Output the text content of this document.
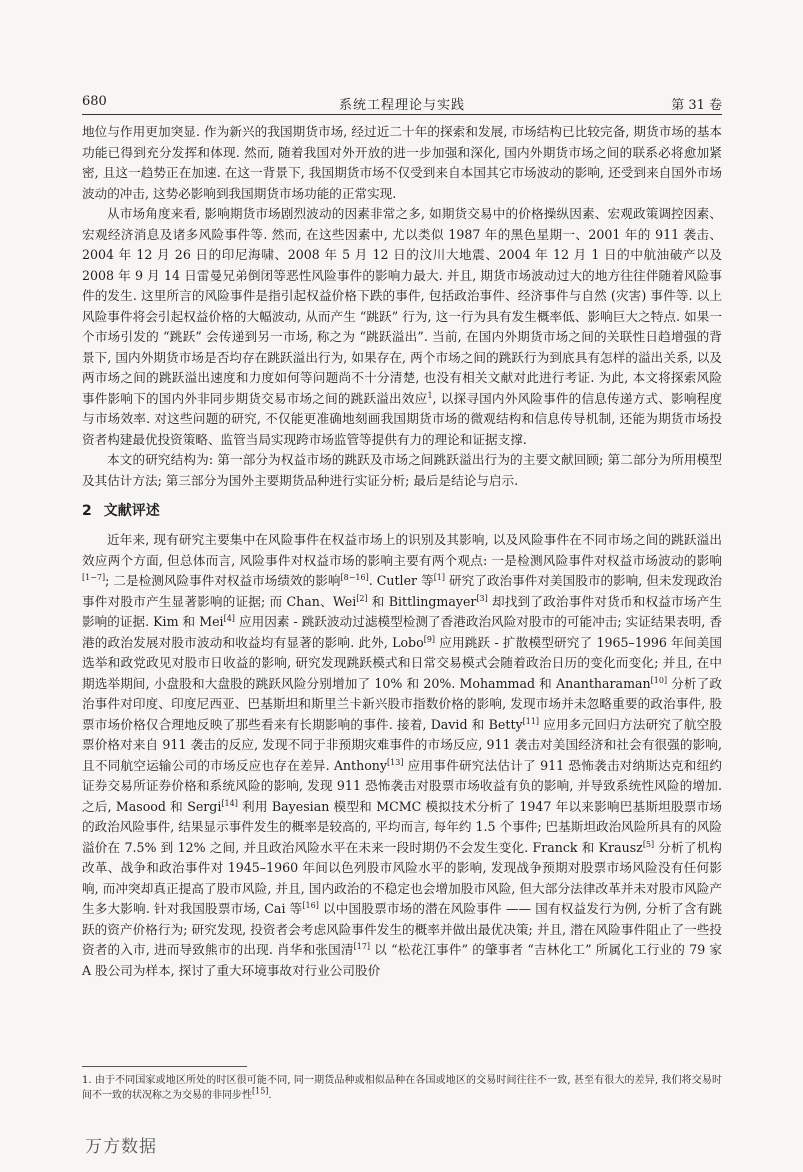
680	系统工程理论与实践	第 31 卷

地位与作用更加突显. 作为新兴的我国期货市场, 经过近二十年的探索和发展, 市场结构已比较完备, 期货市场的基本功能已得到充分发挥和体现. 然而, 随着我国对外开放的进一步加强和深化, 国内外期货市场之间的联系必将愈加紧密, 且这一趋势正在加速. 在这一背景下, 我国期货市场不仅受到来自本国其它市场波动的影响, 还受到来自国外市场波动的冲击, 这势必影响到我国期货市场功能的正常实现.

从市场角度来看, 影响期货市场剧烈波动的因素非常之多, 如期货交易中的价格操纵因素、宏观政策调控因素、宏观经济消息及诸多风险事件等. 然而, 在这些因素中, 尤以类似 1987 年的黑色星期一、2001 年的 911 袭击、2004 年 12 月 26 日的印尼海啸、2008 年 5 月 12 日的汶川大地震、2004 年 12 月 1 日的中航油破产以及 2008 年 9 月 14 日雷曼兄弟倒闭等恶性风险事件的影响力最大. 并且, 期货市场波动过大的地方往往伴随着风险事件的发生. 这里所言的风险事件是指引起权益价格下跌的事件, 包括政治事件、经济事件与自然 (灾害) 事件等. 以上风险事件将会引起权益价格的大幅波动, 从而产生 “跳跃” 行为, 这一行为具有发生概率低、影响巨大之特点. 如果一个市场引发的 “跳跃” 会传递到另一市场, 称之为 “跳跃溢出”. 当前, 在国内外期货市场之间的关联性日趋增强的背景下, 国内外期货市场是否均存在跳跃溢出行为, 如果存在, 两个市场之间的跳跃行为到底具有怎样的溢出关系, 以及两市场之间的跳跃溢出速度和力度如何等问题尚不十分清楚, 也没有相关文献对此进行考证. 为此, 本文将探索风险事件影响下的国内外非同步期货交易市场之间的跳跃溢出效应$^1$, 以探寻国内外风险事件的信息传递方式、影响程度与市场效率. 对这些问题的研究, 不仅能更准确地刻画我国期货市场的微观结构和信息传导机制, 还能为期货市场投资者构建最优投资策略、监管当局实现跨市场监管等提供有力的理论和证据支撑.

本文的研究结构为: 第一部分为权益市场的跳跃及市场之间跳跃溢出行为的主要文献回顾; 第二部分为所用模型及其估计方法; 第三部分为国外主要期货品种进行实证分析; 最后是结论与启示.

2 文献评述

近年来, 现有研究主要集中在风险事件在权益市场上的识别及其影响, 以及风险事件在不同市场之间的跳跃溢出效应两个方面, 但总体而言, 风险事件对权益市场的影响主要有两个观点: 一是检测风险事件对权益市场波动的影响[1−7]; 二是检测风险事件对权益市场绩效的影响[8−16]. Cutler 等[1] 研究了政治事件对美国股市的影响, 但未发现政治事件对股市产生显著影响的证据; 而 Chan、Wei[2] 和 Bittlingmayer[3] 却找到了政治事件对货币和权益市场产生影响的证据. Kim 和 Mei[4] 应用因素 - 跳跃波动过滤模型检测了香港政治风险对股市的可能冲击; 实证结果表明, 香港的政治发展对股市波动和收益均有显著的影响. 此外, Lobo[9] 应用跳跃 - 扩散模型研究了 1965–1996 年间美国选举和政党政见对股市日收益的影响, 研究发现跳跃模式和日常交易模式会随着政治日历的变化而变化; 并且, 在中期选举期间, 小盘股和大盘股的跳跃风险分别增加了 10% 和 20%. Mohammad 和 Anantharaman[10] 分析了政治事件对印度、印度尼西亚、巴基斯坦和斯里兰卡新兴股市指数价格的影响, 发现市场并未忽略重要的政治事件, 股票市场价格仅合理地反映了那些看来有长期影响的事件. 接着, David 和 Betty[11] 应用多元回归方法研究了航空股票价格对来自 911 袭击的反应, 发现不同于非预期灾难事件的市场反应, 911 袭击对美国经济和社会有很强的影响, 且不同航空运输公司的市场反应也存在差异. Anthony[13] 应用事件研究法估计了 911 恐怖袭击对纳斯达克和纽约证券交易所证券价格和系统风险的影响, 发现 911 恐怖袭击对股票市场收益有负的影响, 并导致系统性风险的增加. 之后, Masood 和 Sergi[14] 利用 Bayesian 模型和 MCMC 模拟技术分析了 1947 年以来影响巴基斯坦股票市场的政治风险事件, 结果显示事件发生的概率是较高的, 平均而言, 每年约 1.5 个事件; 巴基斯坦政治风险所具有的风险溢价在 7.5% 到 12% 之间, 并且政治风险水平在未来一段时期仍不会发生变化. Franck 和 Krausz[5] 分析了机构改革、战争和政治事件对 1945–1960 年间以色列股市风险水平的影响, 发现战争预期对股票市场风险没有任何影响, 而冲突却真正提高了股市风险, 并且, 国内政治的不稳定也会增加股市风险, 但大部分法律改革并未对股市风险产生多大影响. 针对我国股票市场, Cai 等[16] 以中国股票市场的潜在风险事件 —— 国有权益发行为例, 分析了含有跳跃的资产价格行为; 研究发现, 投资者会考虑风险事件发生的概率并做出最优决策; 并且, 潜在风险事件阻止了一些投资者的入市, 进而导致熊市的出现. 肖华和张国清[17] 以 “松花江事件” 的肇事者 “吉林化工” 所属化工行业的 79 家 A 股公司为样本, 探讨了重大环境事故对行业公司股价

1. 由于不同国家或地区所处的时区很可能不同, 同一期货品种或相似品种在各国或地区的交易时间往往不一致, 甚至有很大的差异, 我们将交易时间不一致的状况称之为交易的非同步性[15].
万方数据
